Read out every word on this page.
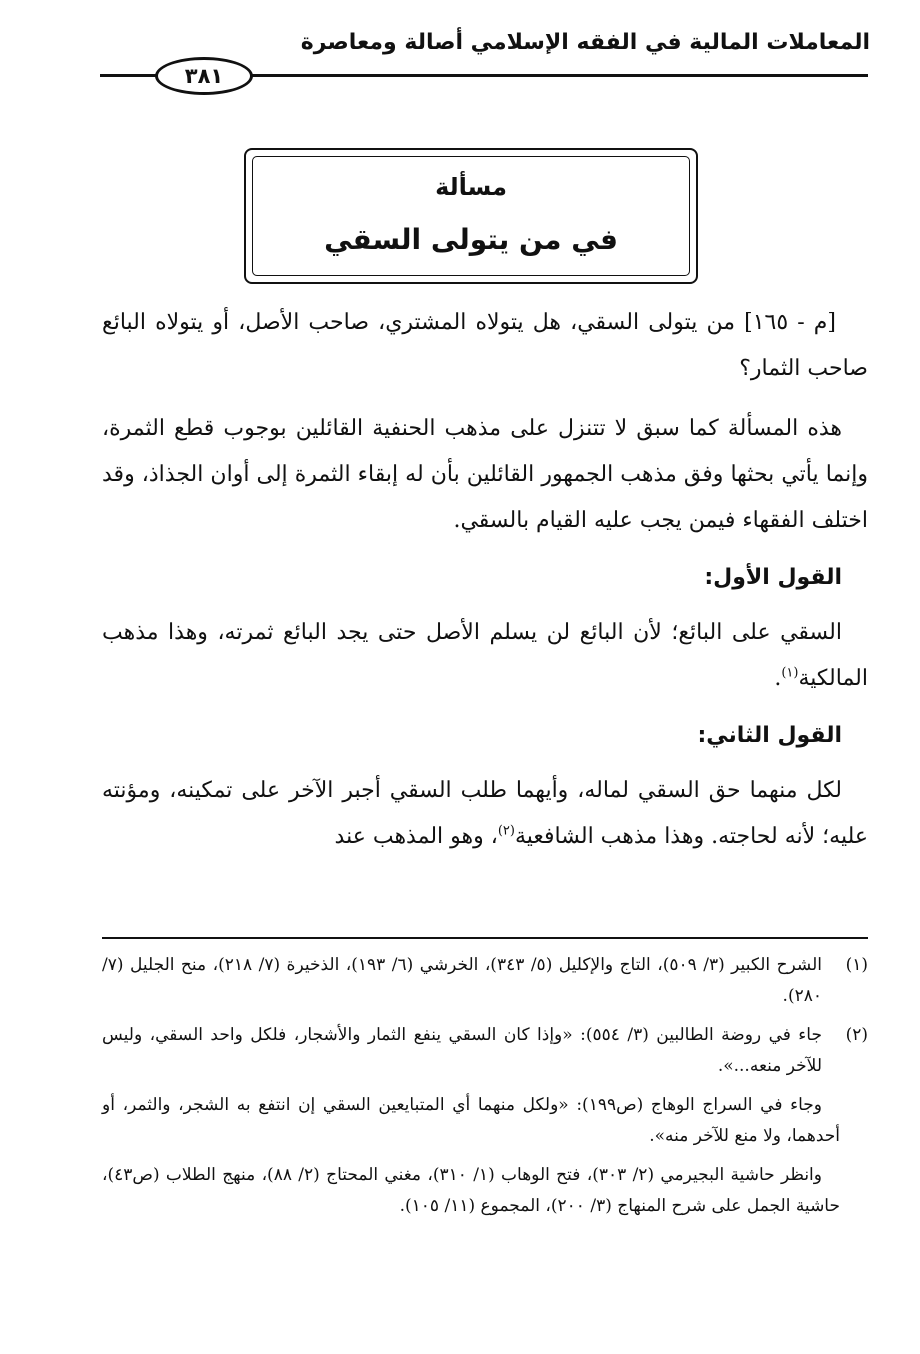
المعاملات المالية في الفقه الإسلامي أصالة ومعاصرة
٣٨١
مسألة
في من يتولى السقي

[م - ١٦٥] من يتولى السقي، هل يتولاه المشتري، صاحب الأصل، أو يتولاه البائع صاحب الثمار؟

هذه المسألة كما سبق لا تتنزل على مذهب الحنفية القائلين بوجوب قطع الثمرة، وإنما يأتي بحثها وفق مذهب الجمهور القائلين بأن له إبقاء الثمرة إلى أوان الجذاذ، وقد اختلف الفقهاء فيمن يجب عليه القيام بالسقي.

القول الأول:

السقي على البائع؛ لأن البائع لن يسلم الأصل حتى يجد البائع ثمرته، وهذا مذهب المالكية$^{(١)}$.

القول الثاني:

لكل منهما حق السقي لماله، وأيهما طلب السقي أجبر الآخر على تمكينه، ومؤنته عليه؛ لأنه لحاجته. وهذا مذهب الشافعية$^{(٢)}$، وهو المذهب عند

(١)
الشرح الكبير (٣/ ٥٠٩)، التاج والإكليل (٥/ ٣٤٣)، الخرشي (٦/ ١٩٣)، الذخيرة (٧/ ٢١٨)، منح الجليل (٧/ ٢٨٠).
(٢)
جاء في روضة الطالبين (٣/ ٥٥٤): «وإذا كان السقي ينفع الثمار والأشجار، فلكل واحد السقي، وليس للآخر منعه...».

وجاء في السراج الوهاج (ص١٩٩): «ولكل منهما أي المتبايعين السقي إن انتفع به الشجر، والثمر، أو أحدهما، ولا منع للآخر منه».

وانظر حاشية البجيرمي (٢/ ٣٠٣)، فتح الوهاب (١/ ٣١٠)، مغني المحتاج (٢/ ٨٨)، منهج الطلاب (ص٤٣)، حاشية الجمل على شرح المنهاج (٣/ ٢٠٠)، المجموع (١١/ ١٠٥).
